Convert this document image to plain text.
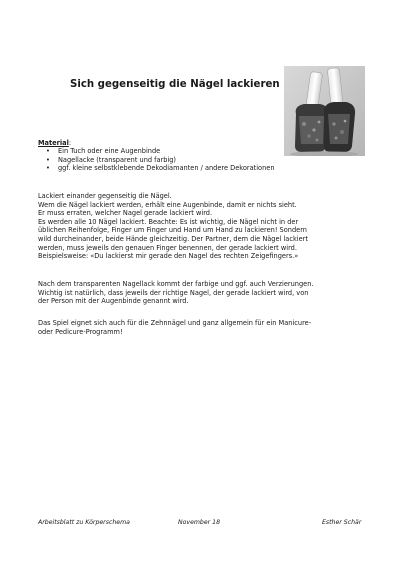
Sich gegenseitig die Nägel lackieren
Material:
• Ein Tuch oder eine Augenbinde
• Nagellacke (transparent und farbig)
• ggf. kleine selbstklebende Dekodiamanten / andere Dekorationen

Lackiert einander gegenseitig die Nägel.
Wem die Nägel lackiert werden, erhält eine Augenbinde, damit er nichts sieht.
Er muss erraten, welcher Nagel gerade lackiert wird.
Es werden alle 10 Nägel lackiert. Beachte: Es ist wichtig, die Nägel nicht in der
üblichen Reihenfolge, Finger um Finger und Hand um Hand zu lackieren! Sondern
wild durcheinander, beide Hände gleichzeitig. Der Partner, dem die Nägel lackiert
werden, muss jeweils den genauen Finger benennen, der gerade lackiert wird.
Beispielsweise: «Du lackierst mir gerade den Nagel des rechten Zeigefingers.»

Nach dem transparenten Nagellack kommt der farbige und ggf. auch Verzierungen.
Wichtig ist natürlich, dass jeweils der richtige Nagel, der gerade lackiert wird, von
der Person mit der Augenbinde genannt wird.

Das Spiel eignet sich auch für die Zehnnägel und ganz allgemein für ein Manicure-
oder Pedicure-Programm!

Arbeitsblatt zu Körperschema	November 18	Esther Schär
